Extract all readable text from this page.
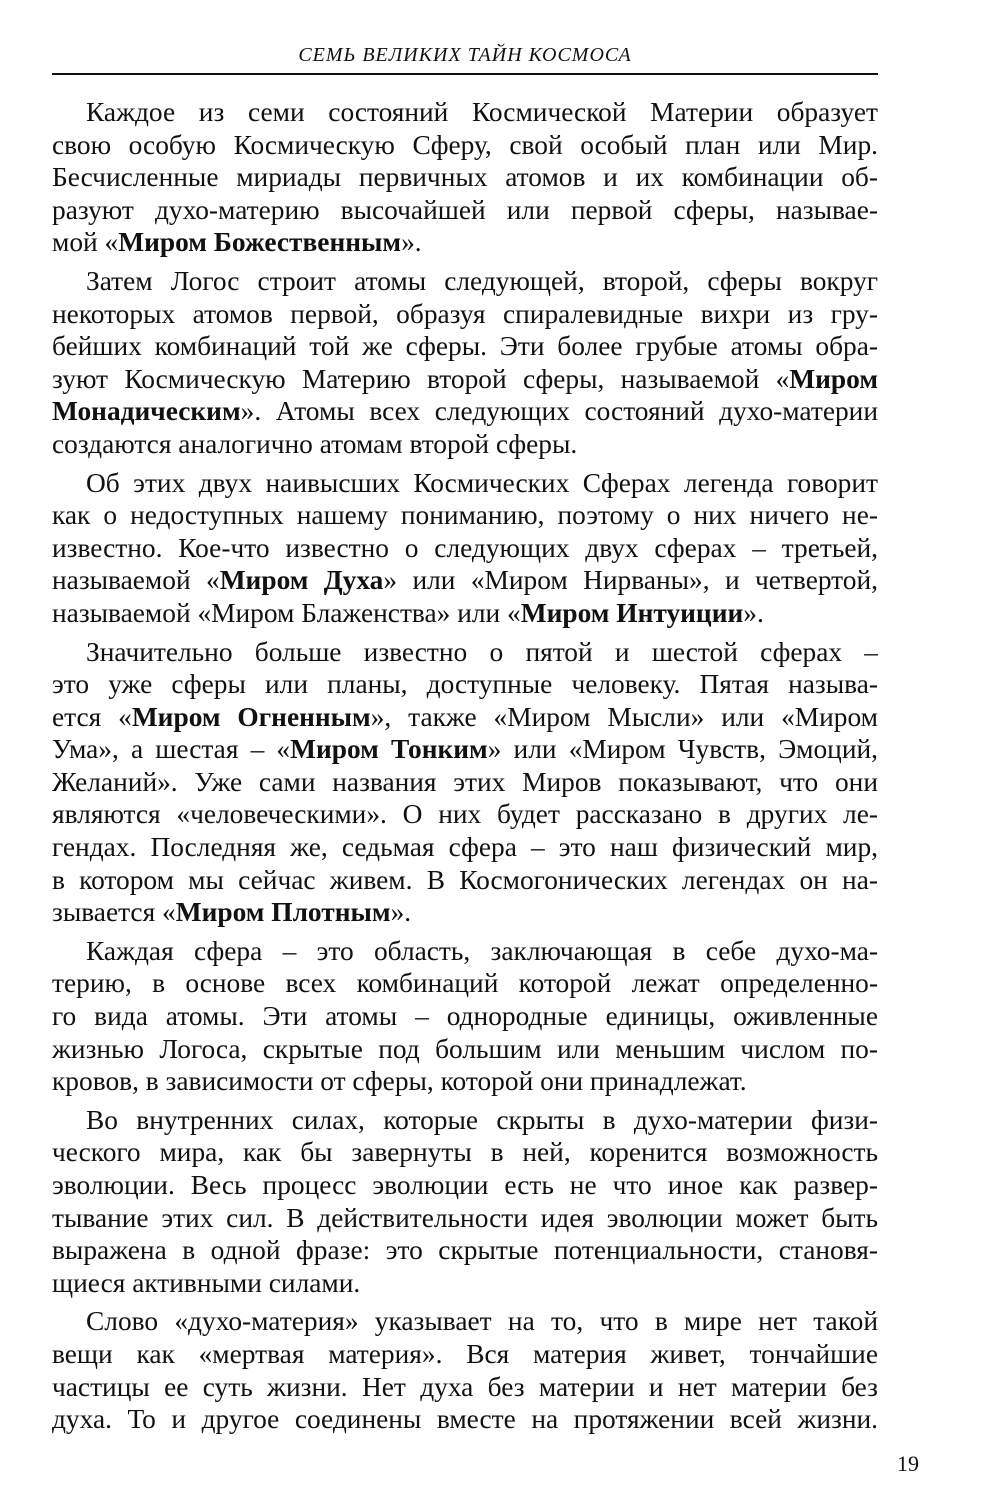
СЕМЬ ВЕЛИКИХ ТАЙН КОСМОСА
Каждое из семи состояний Космической Материи образует
свою особую Космическую Сферу, свой особый план или Мир.
Бесчисленные мириады первичных атомов и их комбинации об-
разуют духо-материю высочайшей или первой сферы, называе-
мой «Миром Божественным».
Затем Логос строит атомы следующей, второй, сферы вокруг
некоторых атомов первой, образуя спиралевидные вихри из гру-
бейших комбинаций той же сферы. Эти более грубые атомы обра-
зуют Космическую Материю второй сферы, называемой «Миром
Монадическим». Атомы всех следующих состояний духо-материи
создаются аналогично атомам второй сферы.
Об этих двух наивысших Космических Сферах легенда говорит
как о недоступных нашему пониманию, поэтому о них ничего не-
известно. Кое-что известно о следующих двух сферах – третьей,
называемой «Миром Духа» или «Миром Нирваны», и четвертой,
называемой «Миром Блаженства» или «Миром Интуиции».
Значительно больше известно о пятой и шестой сферах –
это уже сферы или планы, доступные человеку. Пятая называ-
ется «Миром Огненным», также «Миром Мысли» или «Миром
Ума», а шестая – «Миром Тонким» или «Миром Чувств, Эмоций,
Желаний». Уже сами названия этих Миров показывают, что они
являются «человеческими». О них будет рассказано в других ле-
гендах. Последняя же, седьмая сфера – это наш физический мир,
в котором мы сейчас живем. В Космогонических легендах он на-
зывается «Миром Плотным».
Каждая сфера – это область, заключающая в себе духо-ма-
терию, в основе всех комбинаций которой лежат определенно-
го вида атомы. Эти атомы – однородные единицы, оживленные
жизнью Логоса, скрытые под большим или меньшим числом по-
кровов, в зависимости от сферы, которой они принадлежат.
Во внутренних силах, которые скрыты в духо-материи физи-
ческого мира, как бы завернуты в ней, коренится возможность
эволюции. Весь процесс эволюции есть не что иное как развер-
тывание этих сил. В действительности идея эволюции может быть
выражена в одной фразе: это скрытые потенциальности, становя-
щиеся активными силами.
Слово «духо-материя» указывает на то, что в мире нет такой
вещи как «мертвая материя». Вся материя живет, тончайшие
частицы ее суть жизни. Нет духа без материи и нет материи без
духа. То и другое соединены вместе на протяжении всей жизни.
19
